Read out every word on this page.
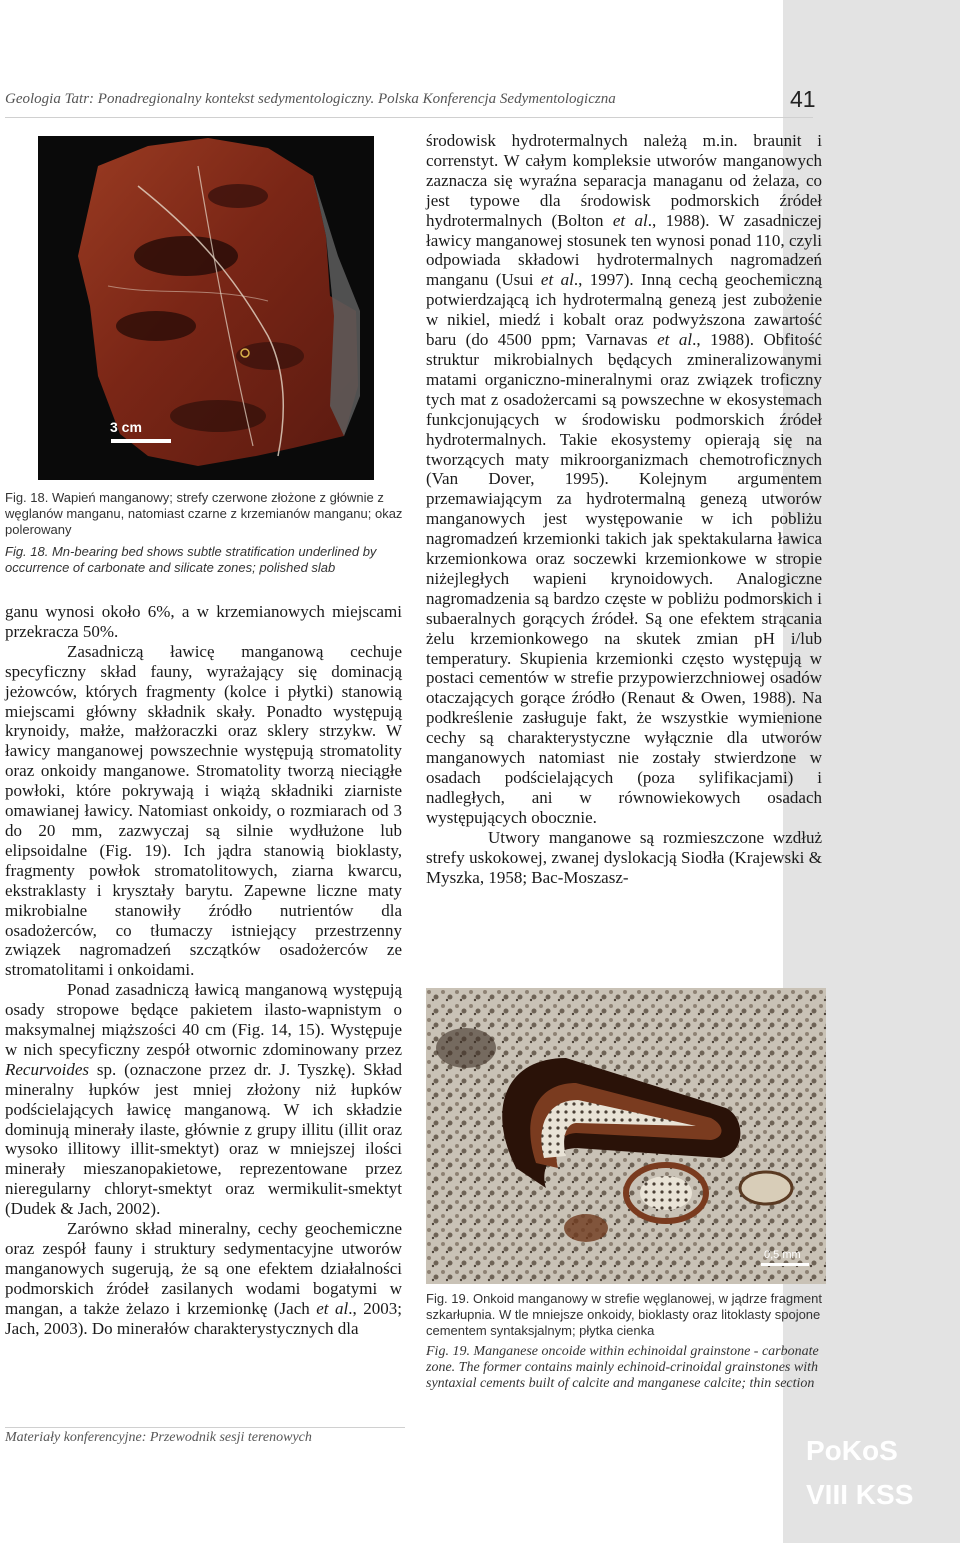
Geologia Tatr: Ponadregionalny kontekst sedymentologiczny. Polska Konferencja Sedymentologiczna	41
3 cm
Fig. 18. Wapień manganowy; strefy czerwone złożone z głównie z węglanów manganu, natomiast czarne z krzemianów manganu; okaz polerowany
Fig. 18. Mn-bearing bed shows subtle stratification underlined by occurrence of carbonate and silicate zones; polished slab

ganu wynosi około 6%, a w krzemianowych miejscami przekracza 50%.

Zasadniczą ławicę manganową cechuje specyficzny skład fauny, wyrażający się dominacją jeżowców, których fragmenty (kolce i płytki) stanowią miejscami główny składnik skały. Ponadto występują krynoidy, małże, małżoraczki oraz sklery strzykw. W ławicy manganowej powszechnie występują stromatolity oraz onkoidy manganowe. Stromatolity tworzą nieciągłe powłoki, które pokrywają i wiążą składniki ziarniste omawianej ławicy. Natomiast onkoidy, o rozmiarach od 3 do 20 mm, zazwyczaj są silnie wydłużone lub elipsoidalne (Fig. 19). Ich jądra stanowią bioklasty, fragmenty powłok stromatolitowych, ziarna kwarcu, ekstraklasty i kryształy barytu. Zapewne liczne maty mikrobialne stanowiły źródło nutrientów dla osadożerców, co tłumaczy istniejący przestrzenny związek nagromadzeń szczątków osadożerców ze stromatolitami i onkoidami.

Ponad zasadniczą ławicą manganową występują osady stropowe będące pakietem ilasto-wapnistym o maksymalnej miąższości 40 cm (Fig. 14, 15). Występuje w nich specyficzny zespół otwornic zdominowany przez Recurvoides sp. (oznaczone przez dr. J. Tyszkę). Skład mineralny łupków jest mniej złożony niż łupków podścielających ławicę manganową. W ich składzie dominują minerały ilaste, głównie z grupy illitu (illit oraz wysoko illitowy illit-smektyt) oraz w mniejszej ilości minerały mieszanopakietowe, reprezentowane przez nieregularny chloryt-smektyt oraz wermikulit-smektyt (Dudek & Jach, 2002).

Zarówno skład mineralny, cechy geochemiczne oraz zespół fauny i struktury sedymentacyjne utworów manganowych sugerują, że są one efektem działalności podmorskich źródeł zasilanych wodami bogatymi w mangan, a także żelazo i krzemionkę (Jach et al., 2003; Jach, 2003). Do minerałów charakterystycznych dla

środowisk hydrotermalnych należą m.in. braunit i correnstyt. W całym kompleksie utworów manganowych zaznacza się wyraźna separacja managanu od żelaza, co jest typowe dla środowisk podmorskich źródeł hydrotermalnych (Bolton et al., 1988). W zasadniczej ławicy manganowej stosunek ten wynosi ponad 110, czyli odpowiada składowi hydrotermalnych nagromadzeń manganu (Usui et al., 1997). Inną cechą geochemiczną potwierdzającą ich hydrotermalną genezą jest zubożenie w nikiel, miedź i kobalt oraz podwyższona zawartość baru (do 4500 ppm; Varnavas et al., 1988). Obfitość struktur mikrobialnych będących zmineralizowanymi matami organiczno-mineralnymi oraz związek troficzny tych mat z osadożercami są powszechne w ekosystemach funkcjonujących w środowisku podmorskich źródeł hydrotermalnych. Takie ekosystemy opierają się na tworzących maty mikroorganizmach chemotroficznych (Van Dover, 1995). Kolejnym argumentem przemawiającym za hydrotermalną genezą utworów manganowych jest występowanie w ich pobliżu nagromadzeń krzemionki takich jak spektakularna ławica krzemionkowa oraz soczewki krzemionkowe w stropie niżejległych wapieni krynoidowych. Analogiczne nagromadzenia są bardzo częste w pobliżu podmorskich i subaeralnych gorących źródeł. Są one efektem strącania żelu krzemionkowego na skutek zmian pH i/lub temperatury. Skupienia krzemionki często występują w postaci cementów w strefie przypowierzchniowej osadów otaczających gorące źródło (Renaut & Owen, 1988). Na podkreślenie zasługuje fakt, że wszystkie wymienione cechy są charakterystyczne wyłącznie dla utworów manganowych natomiast nie zostały stwierdzone w osadach podścielających (poza sylifikacjami) i nadległych, ani w równowiekowych osadach występujących obocznie.

Utwory manganowe są rozmieszczone wzdłuż strefy uskokowej, zwanej dyslokacją Siodła (Krajewski & Myszka, 1958; Bac-Moszasz-

0,5 mm
Fig. 19. Onkoid manganowy w strefie węglanowej, w jądrze fragment szkarłupnia. W tle mniejsze onkoidy, bioklasty oraz litoklasty spojone cementem syntaksjalnym; płytka cienka
Fig. 19. Manganese oncoide within echinoidal grainstone - carbonate zone. The former contains mainly echinoid-crinoidal grainstones with syntaxial cements built of calcite and manganese calcite; thin section
Materiały konferencyjne: Przewodnik sesji terenowych	PoKoS
VIII KSS
